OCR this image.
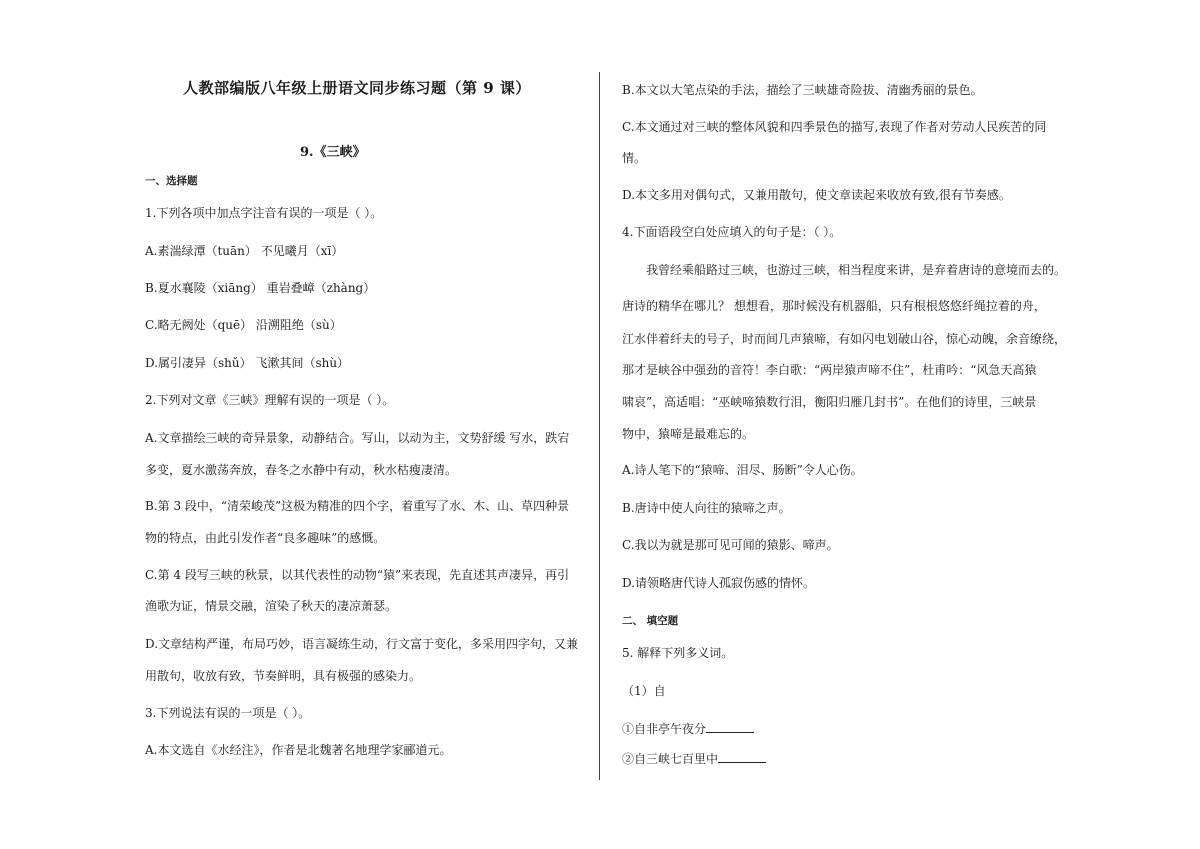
人教部编版八年级上册语文同步练习题（第 9 课）
9.《三峡》
一、选择题
1.下列各项中加点字注音有误的一项是（ ）。
A.素湍绿潭（tuān） 不见曦月（xī）
B.夏水襄陵（xiāng） 重岩叠嶂（zhàng）
C.略无阙处（quē） 沿溯阻绝（sù）
D.属引凄异（shǔ） 飞漱其间（shù）
2.下列对文章《三峡》理解有误的一项是（ ）。
A.文章描绘三峡的奇异景象，动静结合。写山，以动为主，文势舒缓 写水，跌宕
多变，夏水激荡奔放，春冬之水静中有动，秋水枯瘦凄清。
B.第 3 段中，“清荣峻茂”这极为精准的四个字，着重写了水、木、山、草四种景
物的特点，由此引发作者“良多趣味”的感慨。
C.第 4 段写三峡的秋景，以其代表性的动物“猿”来表现，先直述其声凄异，再引
渔歌为证，情景交融，渲染了秋天的凄凉萧瑟。
D.文章结构严谨，布局巧妙，语言凝练生动，行文富于变化，多采用四字句，又兼
用散句，收放有致，节奏鲜明，具有极强的感染力。
3.下列说法有误的一项是（ ）。
A.本文选自《水经注》，作者是北魏著名地理学家郦道元。
B.本文以大笔点染的手法，描绘了三峡雄奇险拔、清幽秀丽的景色。
C.本文通过对三峡的整体风貌和四季景色的描写,表现了作者对劳动人民疾苦的同
情。
D.本文多用对偶句式，又兼用散句，使文章读起来收放有致,很有节奏感。
4.下面语段空白处应填入的句子是：（ ）。
我曾经乘船路过三峡，也游过三峡，相当程度来讲，是弃着唐诗的意境而去的。
唐诗的精华在哪儿？ 想想看，那时候没有机器船，只有根根悠悠纤绳拉着的舟，
江水伴着纤夫的号子，时而间几声猿啼，有如闪电划破山谷，惊心动魄，余音缭绕，
那才是峡谷中强劲的音符！李白歌：“两岸猿声啼不住”，杜甫吟：“风急天高猿
啸哀”，高适唱：“巫峡啼猿数行泪，衡阳归雁几封书”。在他们的诗里，三峡景
物中，猿啼是最难忘的。
A.诗人笔下的“猿啼、泪尽、肠断”令人心伤。
B.唐诗中使人向往的猿啼之声。
C.我以为就是那可见可闻的猿影、啼声。
D.请领略唐代诗人孤寂伤感的情怀。
二、 填空题
5. 解释下列多义词。
（1）自
①自非亭午夜分
②自三峡七百里中
